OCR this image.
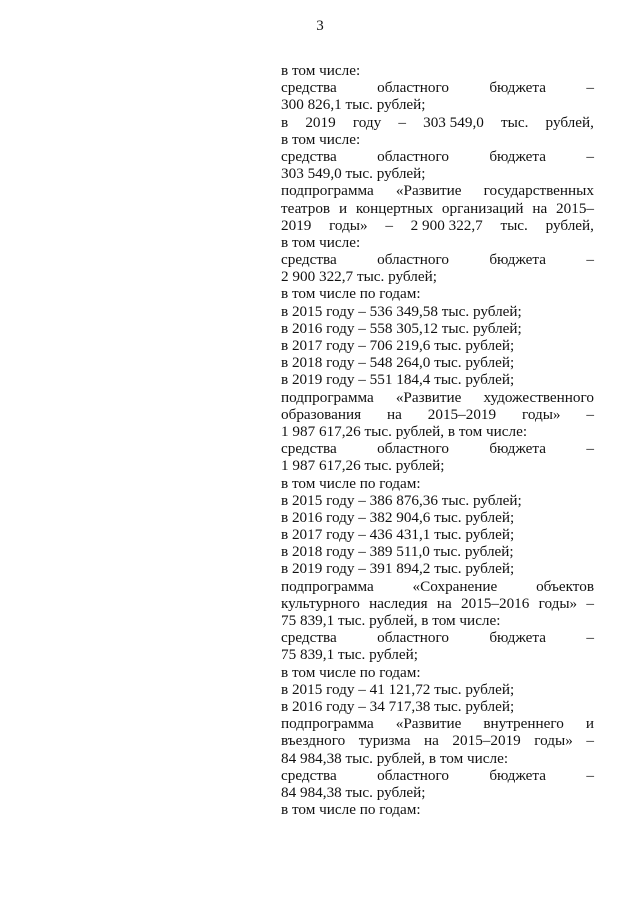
3
в том числе:
средства	областного	бюджета	–
300 826,1 тыс. рублей;
в 2019 году – 303 549,0 тыс. рублей,
в том числе:
средства	областного	бюджета	–
303 549,0 тыс. рублей;
подпрограмма «Развитие государственных
театров и концертных организаций на 2015–
2019 годы» – 2 900 322,7 тыс. рублей,
в том числе:
средства	областного	бюджета	–
2 900 322,7 тыс. рублей;
в том числе по годам:
в 2015 году – 536 349,58 тыс. рублей;
в 2016 году – 558 305,12 тыс. рублей;
в 2017 году – 706 219,6 тыс. рублей;
в 2018 году – 548 264,0 тыс. рублей;
в 2019 году – 551 184,4 тыс. рублей;
подпрограмма «Развитие художественного
образования на 2015–2019 годы» –
1 987 617,26 тыс. рублей, в том числе:
средства	областного	бюджета	–
1 987 617,26 тыс. рублей;
в том числе по годам:
в 2015 году – 386 876,36 тыс. рублей;
в 2016 году – 382 904,6 тыс. рублей;
в 2017 году – 436 431,1 тыс. рублей;
в 2018 году – 389 511,0 тыс. рублей;
в 2019 году – 391 894,2 тыс. рублей;
подпрограмма	«Сохранение	объектов
культурного наследия на 2015–2016 годы» –
75 839,1 тыс. рублей, в том числе:
средства	областного	бюджета	–
75 839,1 тыс. рублей;
в том числе по годам:
в 2015 году – 41 121,72 тыс. рублей;
в 2016 году – 34 717,38 тыс. рублей;
подпрограмма «Развитие внутреннего и
въездного туризма на 2015–2019 годы» –
84 984,38 тыс. рублей, в том числе:
средства	областного	бюджета	–
84 984,38 тыс. рублей;
в том числе по годам:
